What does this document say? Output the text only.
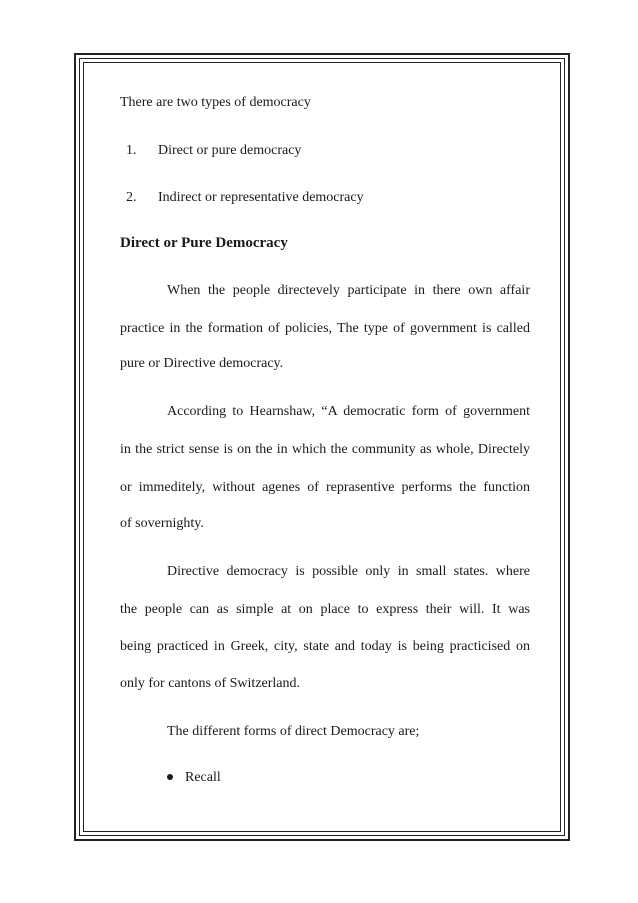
There are two types of democracy
1. Direct or pure democracy
2. Indirect or representative democracy
Direct or Pure Democracy
When the people directevely participate in there own affair
practice in the formation of policies, The type of government is called
pure or Directive democracy.
According to Hearnshaw, “A democratic form of government
in the strict sense is on the in which the community as whole, Directely
or immeditely, without agenes of reprasentive performs the function
of sovernighty.
Directive democracy is possible only in small states. where
the people can as simple at on place to express their will. It was
being practiced in Greek, city, state and today is being practicised on
only for cantons of Switzerland.
The different forms of direct Democracy are;
Recall
